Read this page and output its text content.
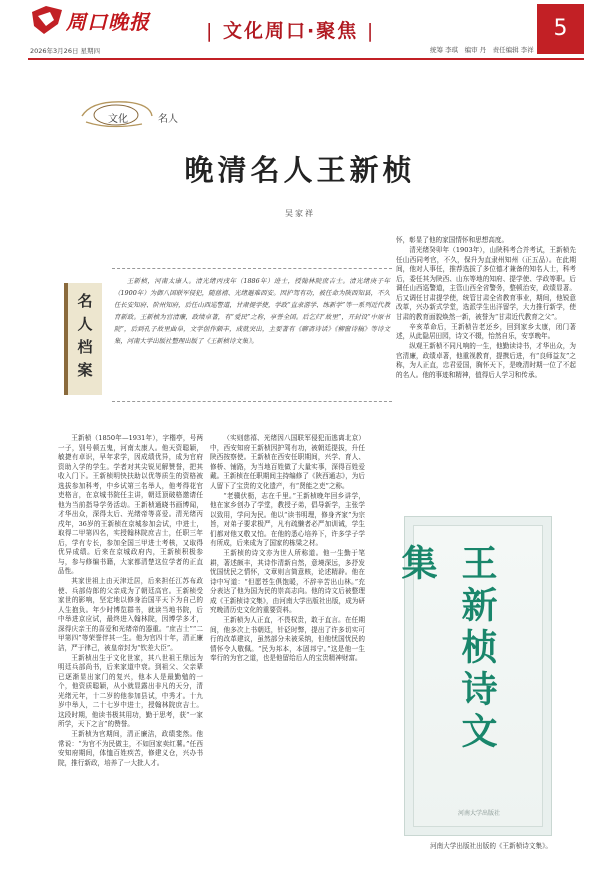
周口晚报
2026年3月26日 星期四
| 文化周口·聚焦 |
统筹 李琪　编审 丹　责任编辑 李祥
5
文化	名人
晚清名人王新桢
吴家祥
名人档案

王新桢，河南太康人。清光绪丙戌年（1886年）进士，授翰林院庶吉士。清光绪庚子年（1900年）为御八国联军侵犯，随慈禧、光绪避难西安。因护驾有功，被任命为陕西知县，不久任长安知府、阶州知府，后任山西巡警道，甘肃提学使，学政“直隶游学、练新学”等一系列近代教育新政。王新桢为官清廉，政绩卓著，有“爱民”之称，享誉全国。后乞归“故里”，开封设“中原书院”，后到孔子故里曲阜，文学创作颇丰，成就突出，主要著有《聊斋诗话》《柳窗诗稿》等诗文集，河南大学出版社整理出版了《王新桢诗文集》。

王新桢（1850年—1931年），字楷亭，号两一子，别号顿五鬼，河南太康人。他天资聪颖，敏捷有卓识，早年求学，因成绩优异，成为官府资助入学的学生。学者对其尖锐见解赞誉，把其收入门下。王新桢明快扶助以优等质生的资格被选拔参加科考，中乡试第三名举人，他考得花官吏格言，在京城书院任主讲，朝廷顶破格邀请任他为当前指导学务活动。王新桢通晓书画博闻，才华出众，深得太后、光绪帝等喜爱。清光绪丙戌年，36岁的王新桢在京城参加会试，中进士，取得二甲第四名，实授翰林院庶吉士，任职三年后，学有专长，参加全国三甲进士考核，又取得优异成绩。后来在京城政府内，王新桢积极参与，参与修编书籍，大家都清楚这位学者的正直品性。

其家世祖上由天津迁居，后来担任江苏布政使、兵部侍郎的父亲成为了朝廷高官。王新桢受家世的影响，坚定地以修身治国平天下为自己的人生抱负。年少时博览群书，就读当地书院，后中举进京应试，最终进入翰林院，因博学多才，深得庆亲王的喜爱和光绪帝的器重。“庶吉士”“二甲第四”等荣誉伴其一生。他为官四十年，清正廉洁，严于律己，被皇帝封为“钦差大臣”。

王新桢出生于文化世家，其八世祖王鼎远为明廷兵部尚书，后来家道中衰。到祖父、父亲辈已逐渐显出家门的复兴，他本人是最勤勉的一个，他资质聪颖，从小就显露出非凡的天分，清光绪元年，十二岁的他参加县试，中秀才。十九岁中举人，二十七岁中进士，授翰林院庶吉士。这段时期，他读书极其用功，勤于思考，获“一家所学，天下之言”的赞誉。

王新桢为官期间，清正廉洁，政绩斐然。他常说：“为官不为民做主，不如回家卖红薯。”任西安知府期间，体恤百姓疾苦，修建义仓，兴办书院，推行新政，培养了一大批人才。

（实则慈禧、光绪因八国联军侵犯而逃离北京）中，西安知府王新桢因护驾有功，被朝廷提拔，升任陕西按察使。王新桢在西安任职期间，兴学、育人、修桥、铺路，为当地百姓做了大量实事，深得百姓爱戴。王新桢在任职期间主持编修了《陕西通志》，为后人留下了宝贵的文化遗产，有“贤能之吏”之称。

“老骥伏枥，志在千里。”王新桢晚年回乡讲学，他在家乡创办了学堂，教授子弟，倡导新学，主张学以致用，学问为民。他以“读书明理，修身齐家”为宗旨，对弟子要求极严，凡有疏懒者必严加训诫，学生们都对他又敬又怕。在他的悉心培养下，许多学子学有所成，后来成为了国家的栋梁之材。

王新桢的诗文亦为世人所称道。他一生勤于笔耕，著述颇丰，其诗作清新自然，意境深远，多抒发忧国忧民之情怀，文章则言简意赅，论述精辟。他在诗中写道：“但愿苍生俱饱暖，不辞辛苦出山林。”充分表达了他为国为民的崇高志向。他的诗文后被整理成《王新桢诗文集》，由河南大学出版社出版，成为研究晚清历史文化的重要资料。

王新桢为人正直，不畏权贵，敢于直言。在任期间，他多次上书朝廷，针砭时弊，提出了许多切实可行的改革建议，虽然部分未被采纳，但他忧国忧民的情怀令人敬佩。“民为邦本，本固邦宁。”这是他一生奉行的为官之道，也是他留给后人的宝贵精神财富。

怀，彰显了他的家国情怀和思想高度。

清光绪癸卯年（1903年），山陕科考合并考试，王新桢先任山西同考官，不久，保升为直隶州知州（正五品）。在此期间，他对人事任，推荐选拔了多位德才兼备的知名人士，科考后，委任其为陕西、山东等地的知府、提学使、学政等职。后调任山西巡警道，主管山西全省警务，整顿治安，政绩显著。后又调任甘肃提学使，统管甘肃全省教育事业，期间，他锐意改革，兴办新式学堂，选派学生出洋留学，大力推行新学，使甘肃的教育面貌焕然一新，被誉为“甘肃近代教育之父”。

辛亥革命后，王新桢告老还乡，回到家乡太康，闭门著述，从此隐居田园，诗文不辍，怡然自乐，安享晚年。

纵观王新桢不同凡响的一生，他勤读诗书，才华出众，为官清廉，政绩卓著，他重视教育，提携后进，有“良师益友”之称，为人正直，忠君爱国，胸怀天下，是晚清时期一位了不起的名人。他的事迹和精神，值得后人学习和传承。

王新桢诗文集
河南大学出版社
河南大学出版社出版的《王新桢诗文集》。
